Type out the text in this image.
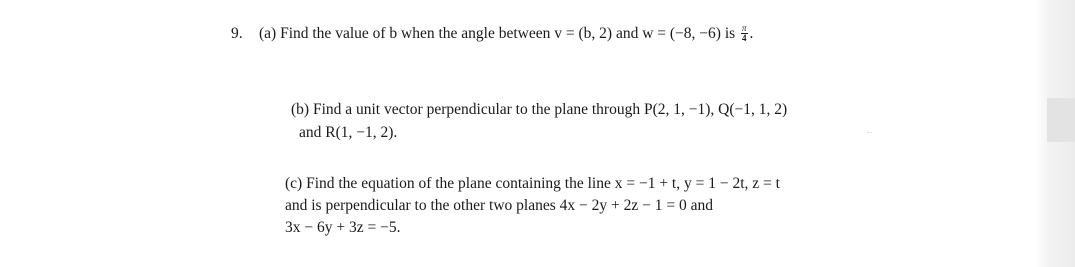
9. (a) Find the value of b when the angle between v = (b, 2) and w = (−8, −6) is $\frac{\pi}{4}$ .
(b) Find a unit vector perpendicular to the plane through P(2, 1, −1), Q(−1, 1, 2)
and R(1, −1, 2).	‥
(c) Find the equation of the plane containing the line x = −1 + t, y = 1 − 2t, z = t
and is perpendicular to the other two planes 4x − 2y + 2z − 1 = 0 and
3x − 6y + 3z = −5.
